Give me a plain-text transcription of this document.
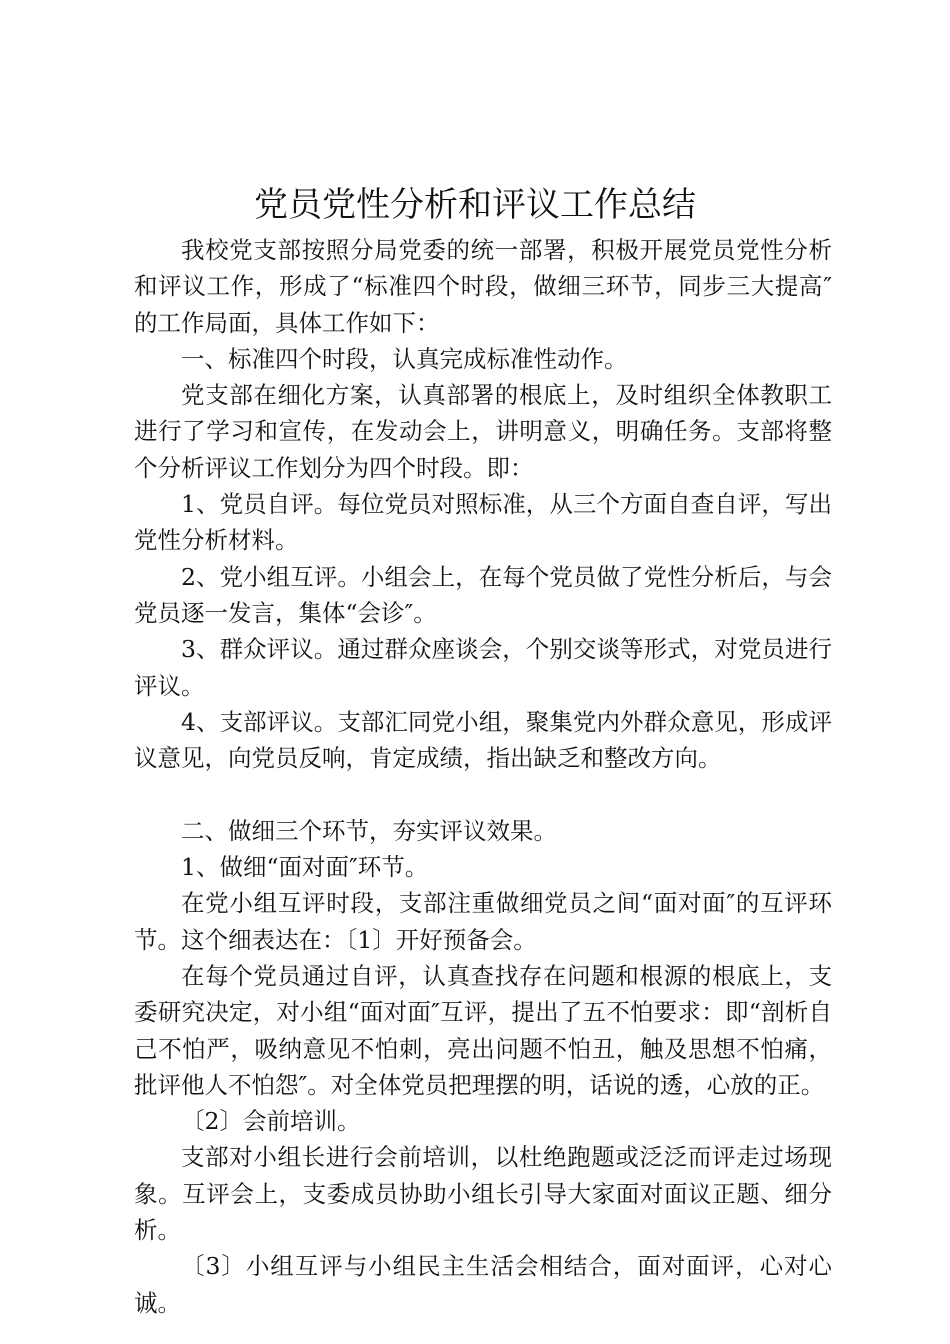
党员党性分析和评议工作总结

我校党支部按照分局党委的统一部署，积极开展党员党性分析和评议工作，形成了“标准四个时段，做细三环节，同步三大提高″的工作局面，具体工作如下：

一、标准四个时段，认真完成标准性动作。

党支部在细化方案，认真部署的根底上，及时组织全体教职工进行了学习和宣传，在发动会上，讲明意义，明确任务。支部将整个分析评议工作划分为四个时段。即：

1、党员自评。每位党员对照标准，从三个方面自查自评，写出党性分析材料。

2、党小组互评。小组会上，在每个党员做了党性分析后，与会党员逐一发言，集体“会诊″。

3、群众评议。通过群众座谈会，个别交谈等形式，对党员进行评议。

4、支部评议。支部汇同党小组，聚集党内外群众意见，形成评议意见，向党员反响，肯定成绩，指出缺乏和整改方向。

二、做细三个环节，夯实评议效果。

1、做细“面对面″环节。

在党小组互评时段，支部注重做细党员之间“面对面″的互评环节。这个细表达在：〔1〕开好预备会。

在每个党员通过自评，认真查找存在问题和根源的根底上，支委研究决定，对小组“面对面″互评，提出了五不怕要求：即“剖析自己不怕严，吸纳意见不怕刺，亮出问题不怕丑，触及思想不怕痛，批评他人不怕怨″。对全体党员把理摆的明，话说的透，心放的正。

〔2〕会前培训。

支部对小组长进行会前培训，以杜绝跑题或泛泛而评走过场现象。互评会上，支委成员协助小组长引导大家面对面议正题、细分析。

〔3〕小组互评与小组民主生活会相结合，面对面评，心对心诚。
